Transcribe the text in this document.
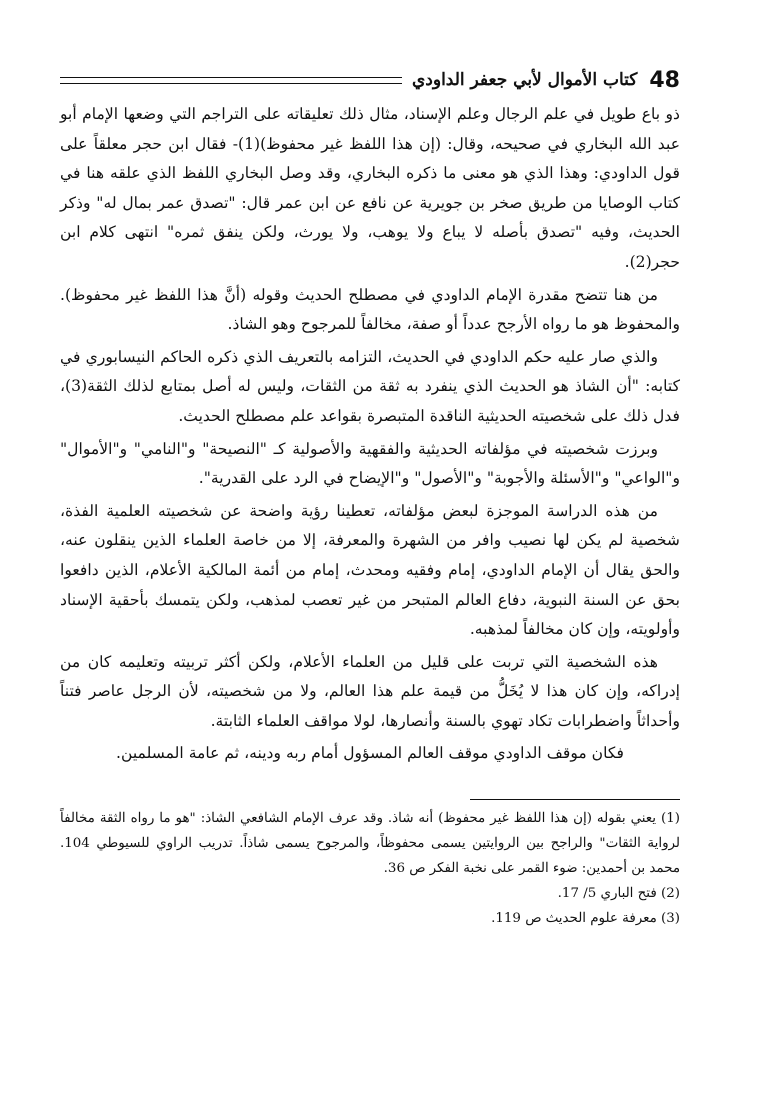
48
كتاب الأموال لأبي جعفر الداودي

ذو باع طويل في علم الرجال وعلم الإسناد، مثال ذلك تعليقاته على التراجم التي وضعها الإمام أبو عبد الله البخاري في صحيحه، وقال: (إن هذا اللفظ غير محفوظ)(1)- فقال ابن حجر معلقاً على قول الداودي: وهذا الذي هو معنى ما ذكره البخاري، وقد وصل البخاري اللفظ الذي علقه هنا في كتاب الوصايا من طريق صخر بن جويرية عن نافع عن ابن عمر قال: "تصدق عمر بمال له" وذكر الحديث، وفيه "تصدق بأصله لا يباع ولا يوهب، ولا يورث، ولكن ينفق ثمره" انتهى كلام ابن حجر(2).

من هنا تتضح مقدرة الإمام الداودي في مصطلح الحديث وقوله (أنَّ هذا اللفظ غير محفوظ). والمحفوظ هو ما رواه الأرجح عدداً أو صفة، مخالفاً للمرجوح وهو الشاذ.

والذي صار عليه حكم الداودي في الحديث، التزامه بالتعريف الذي ذكره الحاكم النيسابوري في كتابه: "أن الشاذ هو الحديث الذي ينفرد به ثقة من الثقات، وليس له أصل بمتابع لذلك الثقة(3)، فدل ذلك على شخصيته الحديثية الناقدة المتبصرة بقواعد علم مصطلح الحديث.

وبرزت شخصيته في مؤلفاته الحديثية والفقهية والأصولية كـ "النصيحة" و"النامي" و"الأموال" و"الواعي" و"الأسئلة والأجوبة" و"الأصول" و"الإيضاح في الرد على القدرية".

من هذه الدراسة الموجزة لبعض مؤلفاته، تعطينا رؤية واضحة عن شخصيته العلمية الفذة، شخصية لم يكن لها نصيب وافر من الشهرة والمعرفة، إلا من خاصة العلماء الذين ينقلون عنه، والحق يقال أن الإمام الداودي، إمام وفقيه ومحدث، إمام من أئمة المالكية الأعلام، الذين دافعوا بحق عن السنة النبوية، دفاع العالم المتبحر من غير تعصب لمذهب، ولكن يتمسك بأحقية الإسناد وأولويته، وإن كان مخالفاً لمذهبه.

هذه الشخصية التي تربت على قليل من العلماء الأعلام، ولكن أكثر تربيته وتعليمه كان من إدراكه، وإن كان هذا لا يُخَلُّ من قيمة علم هذا العالم، ولا من شخصيته، لأن الرجل عاصر فتناً وأحداثاً واضطرابات تكاد تهوي بالسنة وأنصارها، لولا مواقف العلماء الثابتة.

فكان موقف الداودي موقف العالم المسؤول أمام ربه ودينه، ثم عامة المسلمين.

(1) يعني بقوله (إن هذا اللفظ غير محفوظ) أنه شاذ. وقد عرف الإمام الشافعي الشاذ: "هو ما رواه الثقة مخالفاً لرواية الثقات" والراجح بين الروايتين يسمى محفوظاً، والمرجوح يسمى شاذاً. تدريب الراوي للسيوطي 104. محمد بن أحمدين: ضوء القمر على نخبة الفكر ص 36.

(2) فتح الباري 5/ 17.

(3) معرفة علوم الحديث ص 119.
